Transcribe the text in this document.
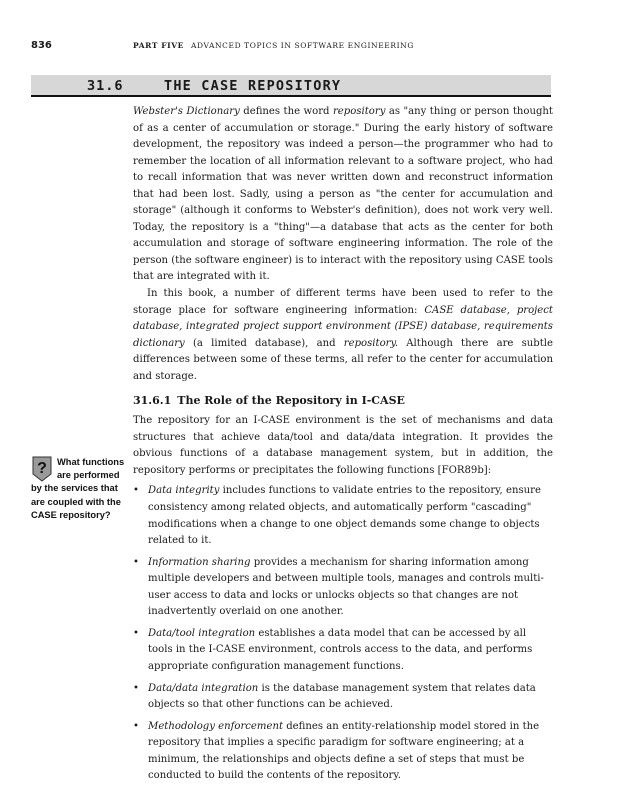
836	PART FIVE ADVANCED TOPICS IN SOFTWARE ENGINEERING
31.6	THE CASE REPOSITORY

Webster's Dictionary defines the word repository as "any thing or person thought of as a center of accumulation or storage." During the early history of software development, the repository was indeed a person—the programmer who had to remember the location of all information relevant to a software project, who had to recall information that was never written down and reconstruct information that had been lost. Sadly, using a person as "the center for accumulation and storage" (although it conforms to Webster's definition), does not work very well. Today, the repository is a "thing"—a database that acts as the center for both accumulation and storage of software engineering information. The role of the person (the software engineer) is to interact with the repository using CASE tools that are integrated with it.

In this book, a number of different terms have been used to refer to the storage place for software engineering information: CASE database, project database, integrated project support environment (IPSE) database, requirements dictionary (a limited database), and repository. Although there are subtle differences between some of these terms, all refer to the center for accumulation and storage.

31.6.1 The Role of the Repository in I-CASE

The repository for an I-CASE environment is the set of mechanisms and data structures that achieve data/tool and data/data integration. It provides the obvious functions of a database management system, but in addition, the repository performs or precipitates the following functions [FOR89b]:

• Data integrity includes functions to validate entries to the repository, ensure consistency among related objects, and automatically perform "cascading" modifications when a change to one object demands some change to objects related to it.
• Information sharing provides a mechanism for sharing information among multiple developers and between multiple tools, manages and controls multi-user access to data and locks or unlocks objects so that changes are not inadvertently overlaid on one another.
• Data/tool integration establishes a data model that can be accessed by all tools in the I-CASE environment, controls access to the data, and performs appropriate configuration management functions.
• Data/data integration is the database management system that relates data objects so that other functions can be achieved.
• Methodology enforcement defines an entity-relationship model stored in the repository that implies a specific paradigm for software engineering; at a minimum, the relationships and objects define a set of steps that must be conducted to build the contents of the repository.
? What functions are performed by the services that are coupled with the CASE repository?
